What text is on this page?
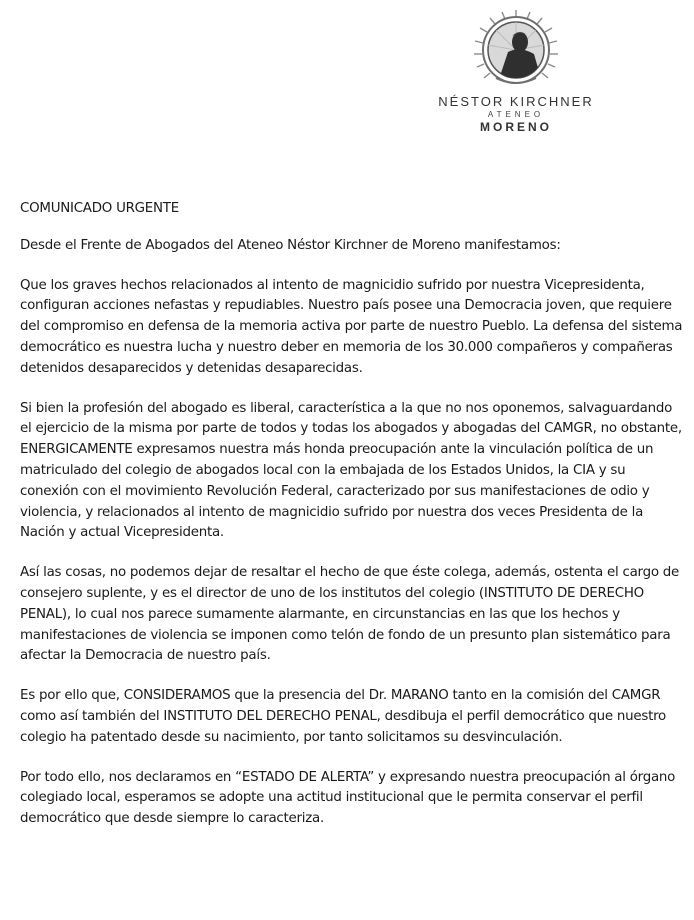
NÉSTOR KIRCHNER
ATENEO
MORENO

COMUNICADO URGENTE

Desde el Frente de Abogados del Ateneo Néstor Kirchner de Moreno manifestamos:

Que los graves hechos relacionados al intento de magnicidio sufrido por nuestra Vicepresidenta, configuran acciones nefastas y repudiables. Nuestro país posee una Democracia joven, que requiere del compromiso en defensa de la memoria activa por parte de nuestro Pueblo. La defensa del sistema democrático es nuestra lucha y nuestro deber en memoria de los 30.000 compañeros y compañeras detenidos desaparecidos y detenidas desaparecidas.

Si bien la profesión del abogado es liberal, característica a la que no nos oponemos, salvaguardando el ejercicio de la misma por parte de todos y todas los abogados y abogadas del CAMGR, no obstante, ENERGICAMENTE expresamos nuestra más honda preocupación ante la vinculación política de un matriculado del colegio de abogados local con la embajada de los Estados Unidos, la CIA y su conexión con el movimiento Revolución Federal, caracterizado por sus manifestaciones de odio y violencia, y relacionados al intento de magnicidio sufrido por nuestra dos veces Presidenta de la Nación y actual Vicepresidenta.

Así las cosas, no podemos dejar de resaltar el hecho de que éste colega, además, ostenta el cargo de consejero suplente, y es el director de uno de los institutos del colegio (INSTITUTO DE DERECHO PENAL), lo cual nos parece sumamente alarmante, en circunstancias en las que los hechos y manifestaciones de violencia se imponen como telón de fondo de un presunto plan sistemático para afectar la Democracia de nuestro país.

Es por ello que, CONSIDERAMOS que la presencia del Dr. MARANO tanto en la comisión del CAMGR como así también del INSTITUTO DEL DERECHO PENAL, desdibuja el perfil democrático que nuestro colegio ha patentado desde su nacimiento, por tanto solicitamos su desvinculación.

Por todo ello, nos declaramos en “ESTADO DE ALERTA” y expresando nuestra preocupación al órgano colegiado local, esperamos se adopte una actitud institucional que le permita conservar el perfil democrático que desde siempre lo caracteriza.
